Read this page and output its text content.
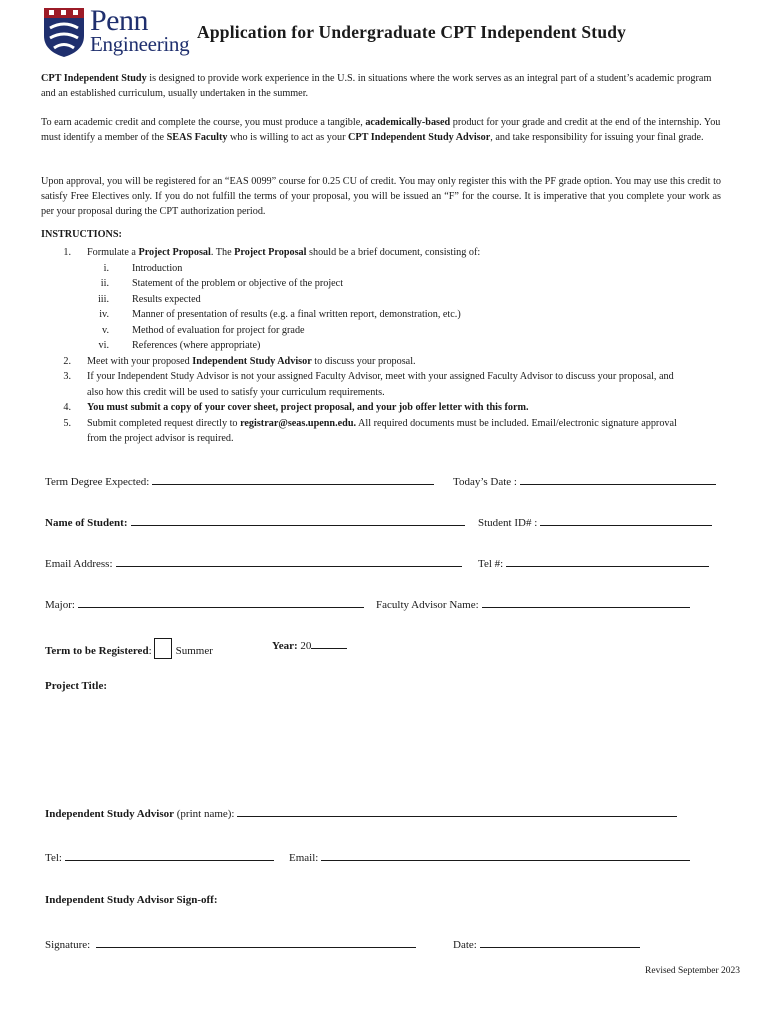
Penn
Engineering Application for Undergraduate CPT Independent Study
CPT Independent Study is designed to provide work experience in the U.S. in situations where the work serves as an integral part of a student’s academic program and an established curriculum, usually undertaken in the summer.
To earn academic credit and complete the course, you must produce a tangible, academically-based product for your grade and credit at the end of the internship. You must identify a member of the SEAS Faculty who is willing to act as your CPT Independent Study Advisor, and take responsibility for issuing your final grade.
Upon approval, you will be registered for an “EAS 0099” course for 0.25 CU of credit. You may only register this with the PF grade option. You may use this credit to satisfy Free Electives only. If you do not fulfill the terms of your proposal, you will be issued an “F” for the course. It is imperative that you complete your work as per your proposal during the CPT authorization period.
INSTRUCTIONS:
1. Formulate a Project Proposal. The Project Proposal should be a brief document, consisting of:
i. Introduction
ii. Statement of the problem or objective of the project
iii. Results expected
iv. Manner of presentation of results (e.g. a final written report, demonstration, etc.)
v. Method of evaluation for project for grade
vi. References (where appropriate)
2. Meet with your proposed Independent Study Advisor to discuss your proposal.
3. If your Independent Study Advisor is not your assigned Faculty Advisor, meet with your assigned Faculty Advisor to discuss your proposal, and also how this credit will be used to satisfy your curriculum requirements.
4. You must submit a copy of your cover sheet, project proposal, and your job offer letter with this form.
5. Submit completed request directly to registrar@seas.upenn.edu. All required documents must be included. Email/electronic signature approval from the project advisor is required.
Term Degree Expected:	Today’s Date :
Name of Student:	Student ID# :
Email Address:	Tel #:
Major:	Faculty Advisor Name:
Term to be Registered: Summer	Year: 20
Project Title:
Independent Study Advisor (print name):
Tel:	Email:
Independent Study Advisor Sign-off:
Signature:	Date:
Revised September 2023
